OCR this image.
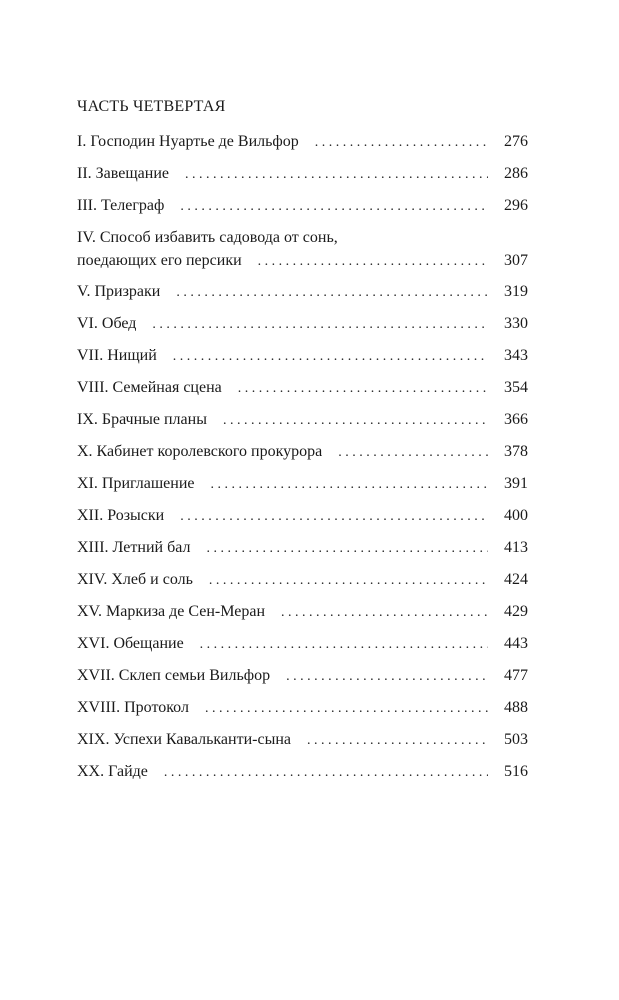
ЧАСТЬ ЧЕТВЕРТАЯ
I. Господин Нуартье де Вильфор . . .	276
II. Завещание . . .	286
III. Телеграф . . .	296
IV. Способ избавить садовода от сонь,
поедающих его персики . . .	307
V. Призраки . . .	319
VI. Обед . . .	330
VII. Нищий . . .	343
VIII. Семейная сцена . . .	354
IX. Брачные планы . . .	366
X. Кабинет королевского прокурора . . .	378
XI. Приглашение . . .	391
XII. Розыски . . .	400
XIII. Летний бал . . .	413
XIV. Хлеб и соль . . .	424
XV. Маркиза де Сен-Меран . . .	429
XVI. Обещание . . .	443
XVII. Склеп семьи Вильфор . . .	477
XVIII. Протокол . . .	488
XIX. Успехи Кавальканти-сына . . .	503
XX. Гайде . . .	516
